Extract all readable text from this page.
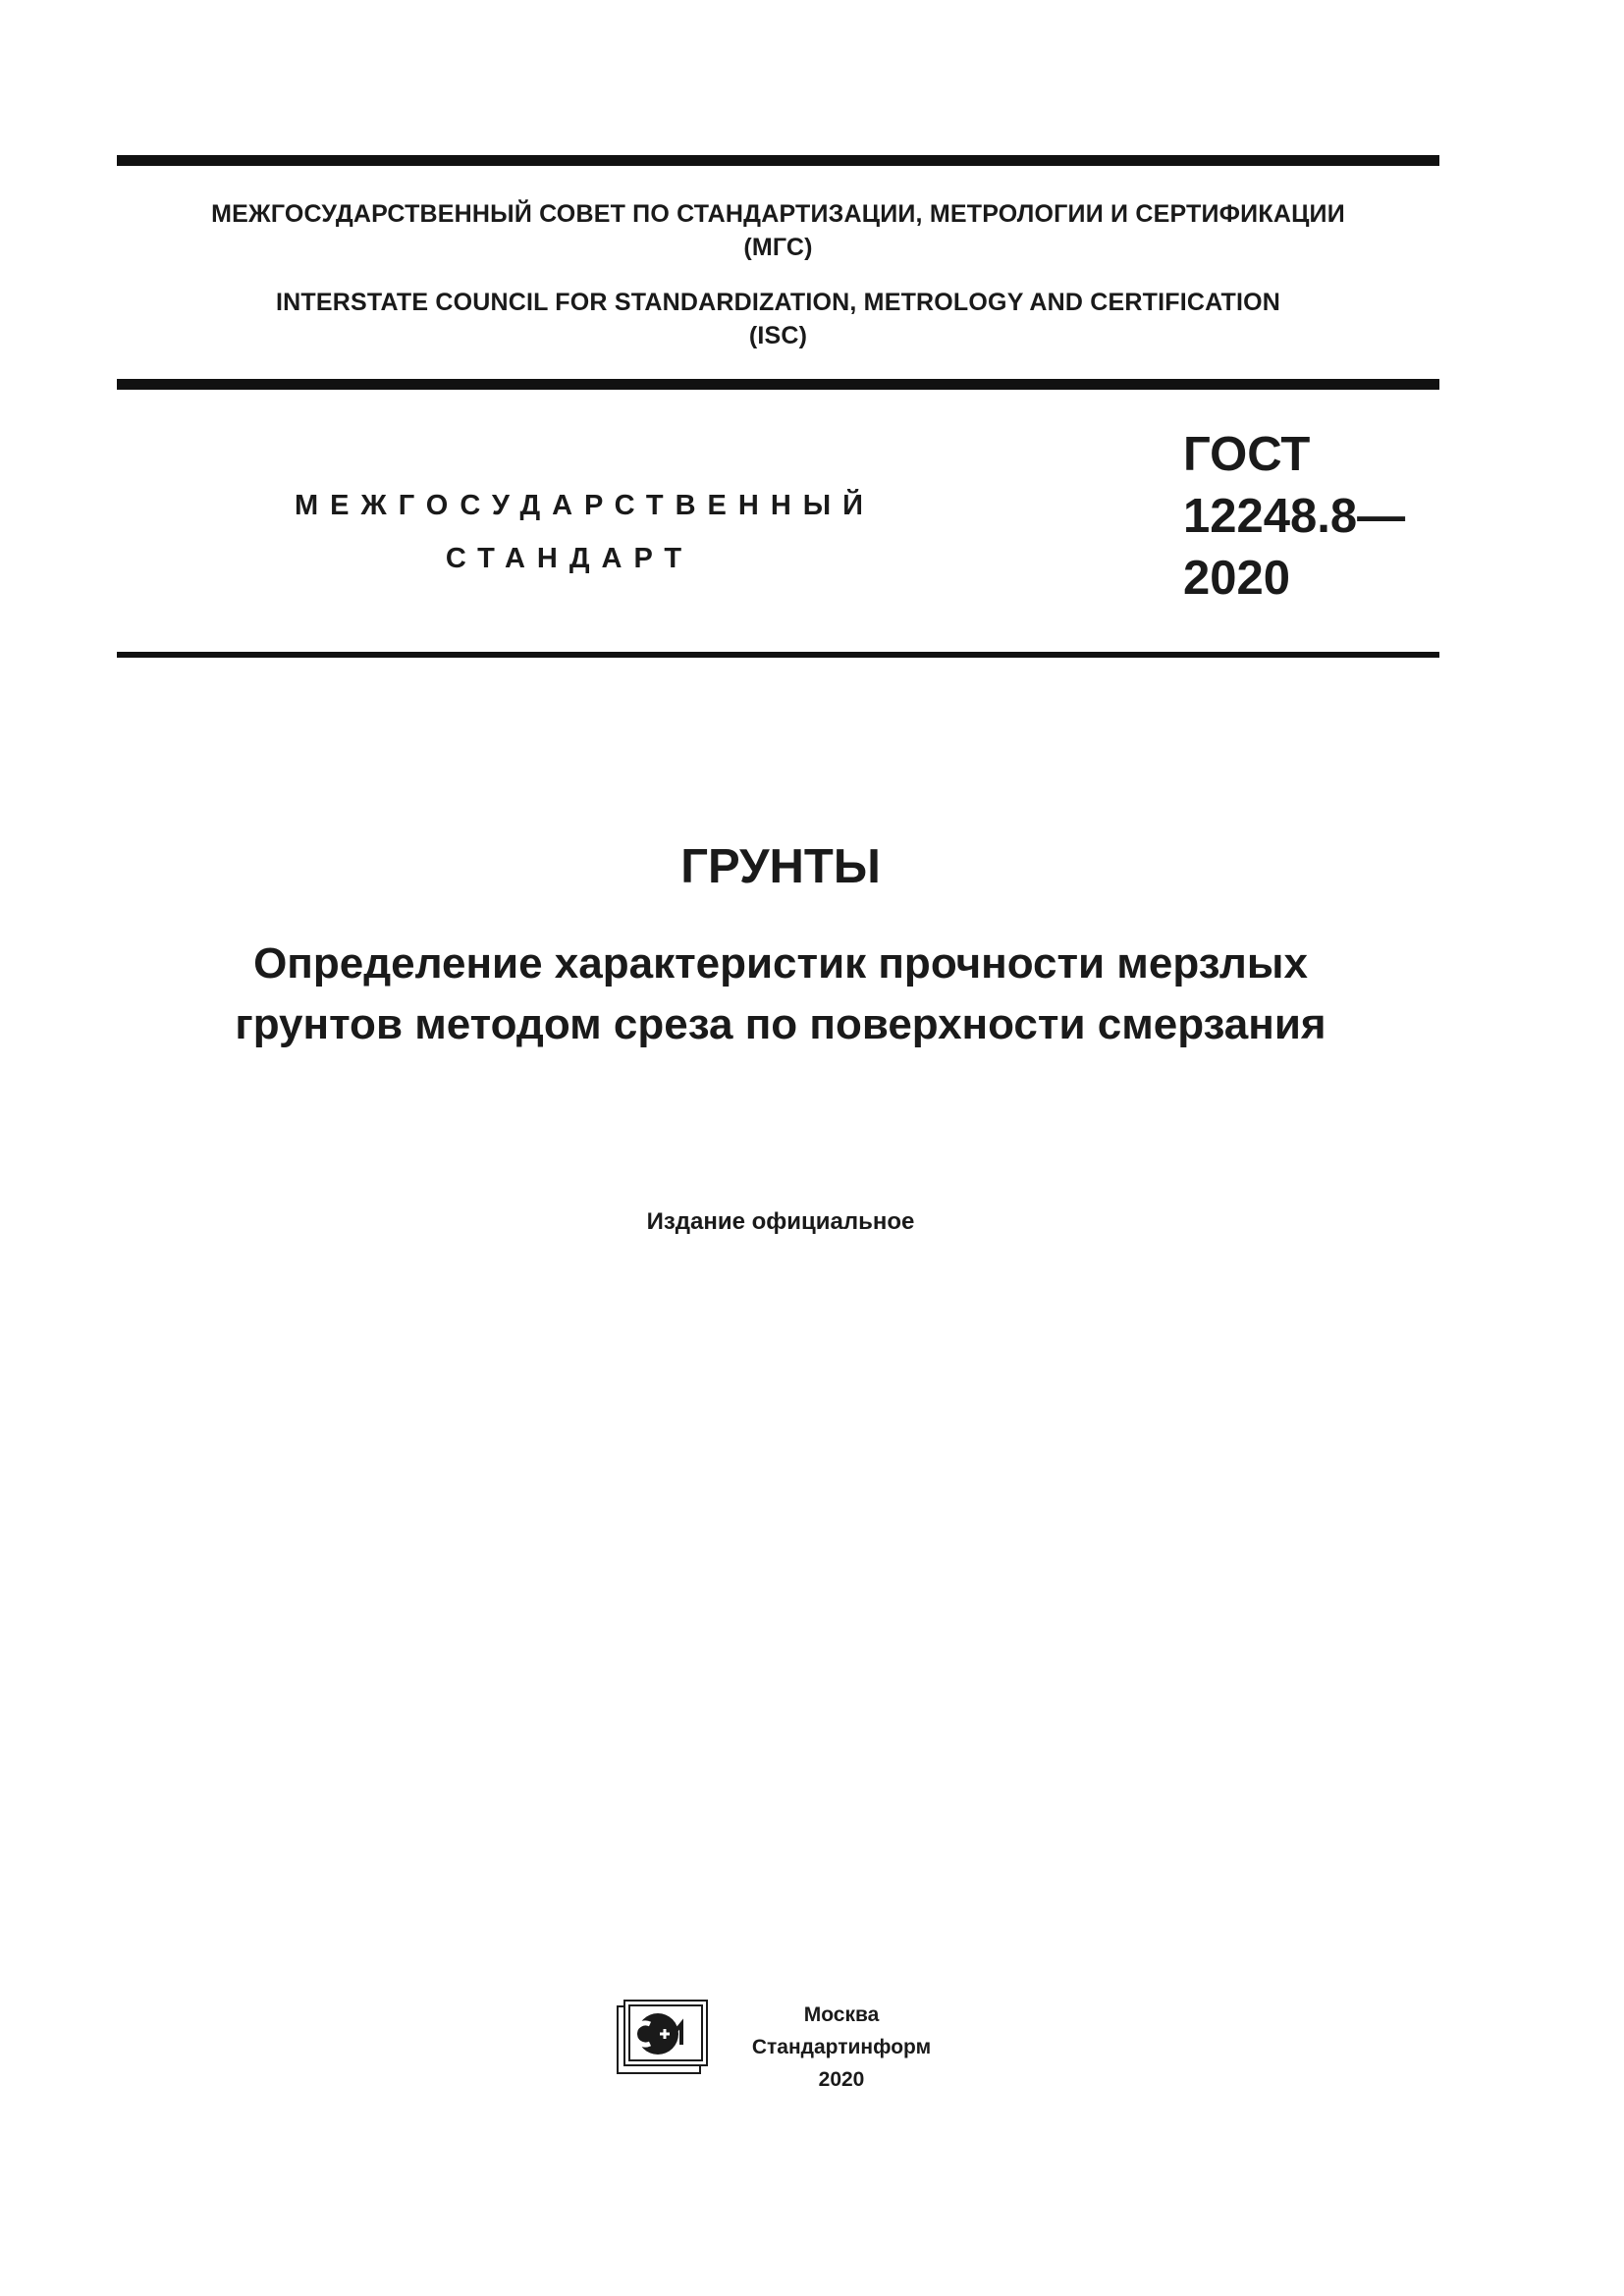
МЕЖГОСУДАРСТВЕННЫЙ СОВЕТ ПО СТАНДАРТИЗАЦИИ, МЕТРОЛОГИИ И СЕРТИФИКАЦИИ
(МГС)
INTERSTATE COUNCIL FOR STANDARDIZATION, METROLOGY AND CERTIFICATION
(ISC)
МЕЖГОСУДАРСТВЕННЫЙ
СТАНДАРТ
ГОСТ
12248.8—
2020
ГРУНТЫ
Определение характеристик прочности мерзлых
грунтов методом среза по поверхности смерзания
Издание официальное
Москва
Стандартинформ
2020
